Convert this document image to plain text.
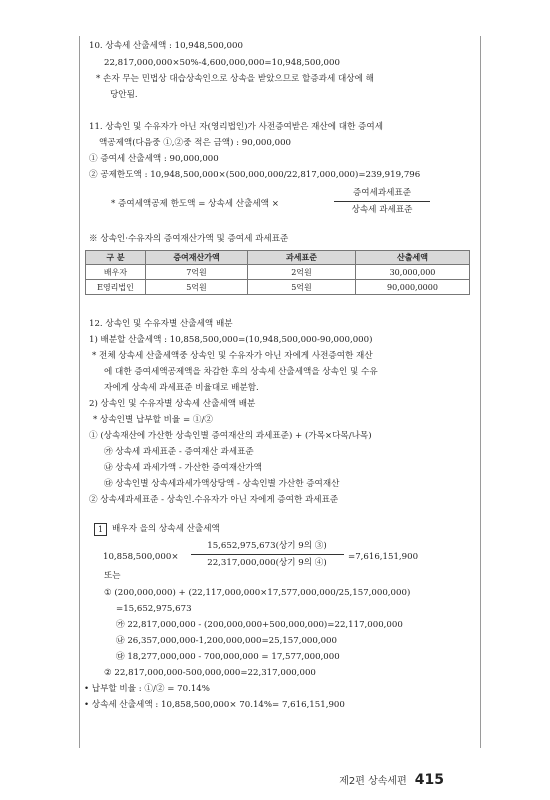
10. 상속세 산출세액 : 10,948,500,000
22,817,000,000×50%-4,600,000,000=10,948,500,000
* 손자 무는 민법상 대습상속인으로 상속을 받았으므로 할증과세 대상에 해
당안됨.
11. 상속인 및 수유자가 아닌 자(영리법인)가 사전증여받은 재산에 대한 증여세
액공제액(다음중 ①,②중 적은 금액) : 90,000,000
① 증여세 산출세액 : 90,000,000
② 공제한도액 : 10,948,500,000×(500,000,000/22,817,000,000)=239,919,796
* 증여세액공제 한도액 = 상속세 산출세액 ×
증여세과세표준
상속세 과세표준
※ 상속인·수유자의 증여재산가액 및 증여세 과세표준
구 분	증여재산가액	과세표준	산출세액
배우자	7억원	2억원	30,000,000
E영리법인	5억원	5억원	90,000,0000
12. 상속인 및 수유자별 산출세액 배분
1) 배분할 산출세액 : 10,858,500,000=(10,948,500,000-90,000,000)
* 전체 상속세 산출세액중 상속인 및 수유자가 아닌 자에게 사전증여한 재산
에 대한 증여세액공제액을 차감한 후의 상속세 산출세액을 상속인 및 수유
자에게 상속세 과세표준 비율대로 배분함.
2) 상속인 및 수유자별 상속세 산출세액 배분
* 상속인별 납부할 비율 = ①/②
① (상속재산에 가산한 상속인별 증여재산의 과세표준) + (가목×다목/나목)
㉮ 상속세 과세표준 - 증여재산 과세표준
㉯ 상속세 과세가액 - 가산한 증여재산가액
㉰ 상속인별 상속세과세가액상당액 - 상속인별 가산한 증여재산
② 상속세과세표준 - 상속인.수유자가 아닌 자에게 증여한 과세표준
1	배우자 을의 상속세 산출세액
10,858,500,000×
15,652,975,673(상기 9의 ③)
22,317,000,000(상기 9의 ④)
=7,616,151,900
또는
① (200,000,000) + (22,117,000,000×17,577,000,000/25,157,000,000)
=15,652,975,673
㉮ 22,817,000,000 - (200,000,000+500,000,000)=22,117,000,000
㉯ 26,357,000,000-1,200,000,000=25,157,000,000
㉰ 18,277,000,000 - 700,000,000 = 17,577,000,000
② 22,817,000,000-500,000,000=22,317,000,000
• 납부할 비율 : ①/② = 70.14%
• 상속세 산출세액 : 10,858,500,000× 70.14%= 7,616,151,900
제2편 상속세편 415
